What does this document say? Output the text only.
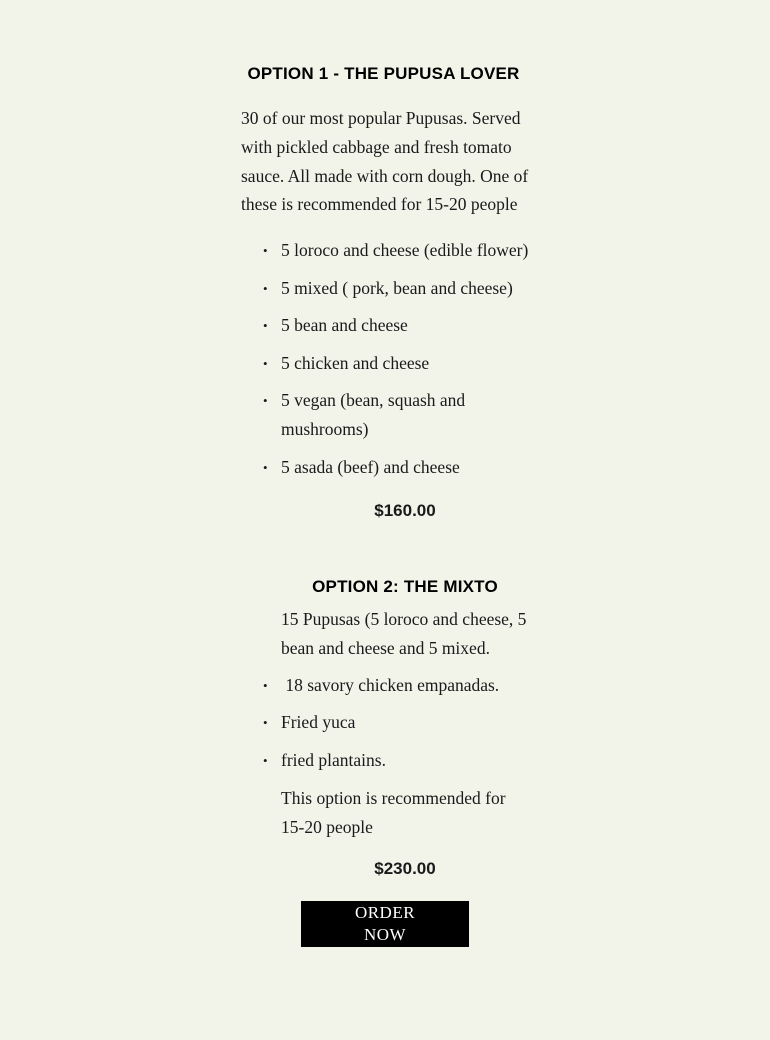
OPTION 1 - THE PUPUSA LOVER

30 of our most popular Pupusas. Served with pickled cabbage and fresh tomato sauce. All made with corn dough. One of these is recommended for 15-20 people

• 5 loroco and cheese (edible flower)
• 5 mixed ( pork, bean and cheese)
• 5 bean and cheese
• 5 chicken and cheese
• 5 vegan (bean, squash and mushrooms)
• 5 asada (beef) and cheese

$160.00

OPTION 2: THE MIXTO

15 Pupusas (5 loroco and cheese, 5 bean and cheese and 5 mixed.

• 18 savory chicken empanadas.
• Fried yuca
• fried plantains.

This option is recommended for 15-20 people

$230.00

ORDER NOW
